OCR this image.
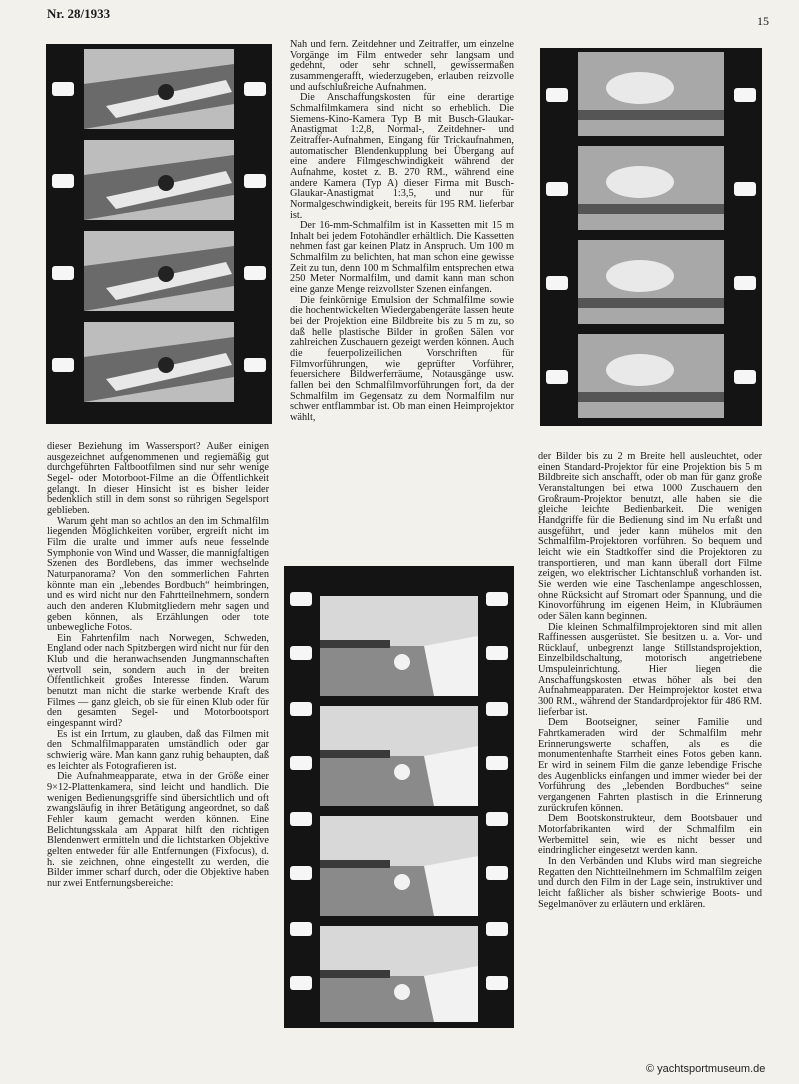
Nr. 28/1933	15

dieser Beziehung im Wassersport? Außer einigen ausgezeichnet aufgenommenen und regiemäßig gut durchgeführten Faltbootfilmen sind nur sehr wenige Segel- oder Motorboot-Filme an die Öffentlichkeit gelangt. In dieser Hinsicht ist es bisher leider bedenklich still in dem sonst so rührigen Segelsport geblieben.

Warum geht man so achtlos an den im Schmalfilm liegenden Möglichkeiten vorüber, ergreift nicht im Film die uralte und immer aufs neue fesselnde Symphonie von Wind und Wasser, die mannigfaltigen Szenen des Bordlebens, das immer wechselnde Naturpanorama? Von den sommerlichen Fahrten könnte man ein „lebendes Bordbuch“ heimbringen, und es wird nicht nur den Fahrtteilnehmern, sondern auch den anderen Klubmitgliedern mehr sagen und geben können, als Erzählungen oder tote unbewegliche Fotos.

Ein Fahrtenfilm nach Norwegen, Schweden, England oder nach Spitzbergen wird nicht nur für den Klub und die heranwachsenden Jungmannschaften wertvoll sein, sondern auch in der breiten Öffentlichkeit großes Interesse finden. Warum benutzt man nicht die starke werbende Kraft des Filmes — ganz gleich, ob sie für einen Klub oder für den gesamten Segel- und Motorbootsport eingespannt wird?

Es ist ein Irrtum, zu glauben, daß das Filmen mit den Schmalfilmapparaten umständlich oder gar schwierig wäre. Man kann ganz ruhig behaupten, daß es leichter als Fotografieren ist.

Die Aufnahmeapparate, etwa in der Größe einer 9×12-Plattenkamera, sind leicht und handlich. Die wenigen Bedienungsgriffe sind übersichtlich und oft zwangsläufig in ihrer Betätigung angeordnet, so daß Fehler kaum gemacht werden können. Eine Belichtungsskala am Apparat hilft den richtigen Blendenwert ermitteln und die lichtstarken Objektive gelten entweder für alle Entfernungen (Fixfocus), d. h. sie zeichnen, ohne eingestellt zu werden, die Bilder immer scharf durch, oder die Objektive haben nur zwei Entfernungsbereiche:

Nah und fern. Zeitdehner und Zeitraffer, um einzelne Vorgänge im Film entweder sehr langsam und gedehnt, oder sehr schnell, gewissermaßen zusammengerafft, wiederzugeben, erlauben reizvolle und aufschlußreiche Aufnahmen.

Die Anschaffungskosten für eine derartige Schmalfilmkamera sind nicht so erheblich. Die Siemens-Kino-Kamera Typ B mit Busch-Glaukar-Anastigmat 1:2,8, Normal-, Zeitdehner- und Zeitraffer-Aufnahmen, Eingang für Trickaufnahmen, automatischer Blendenkupplung bei Übergang auf eine andere Filmgeschwindigkeit während der Aufnahme, kostet z. B. 270 RM., während eine andere Kamera (Typ A) dieser Firma mit Busch-Glaukar-Anastigmat 1:3,5, und nur für Normalgeschwindigkeit, bereits für 195 RM. lieferbar ist.

Der 16-mm-Schmalfilm ist in Kassetten mit 15 m Inhalt bei jedem Fotohändler erhältlich. Die Kassetten nehmen fast gar keinen Platz in Anspruch. Um 100 m Schmalfilm zu belichten, hat man schon eine gewisse Zeit zu tun, denn 100 m Schmalfilm entsprechen etwa 250 Meter Normalfilm, und damit kann man schon eine ganze Menge reizvollster Szenen einfangen.

Die feinkörnige Emulsion der Schmalfilme sowie die hochentwickelten Wiedergabengeräte lassen heute bei der Projektion eine Bildbreite bis zu 5 m zu, so daß helle plastische Bilder in großen Sälen vor zahlreichen Zuschauern gezeigt werden können. Auch die feuerpolizeilichen Vorschriften für Filmvorführungen, wie geprüfter Vorführer, feuersichere Bildwerferräume, Notausgänge usw. fallen bei den Schmalfilmvorführungen fort, da der Schmalfilm im Gegensatz zu dem Normalfilm nur schwer entflammbar ist. Ob man einen Heimprojektor wählt,

der Bilder bis zu 2 m Breite hell ausleuchtet, oder einen Standard-Projektor für eine Projektion bis 5 m Bildbreite sich anschafft, oder ob man für ganz große Veranstaltungen bei etwa 1000 Zuschauern den Großraum-Projektor benutzt, alle haben sie die gleiche leichte Bedienbarkeit. Die wenigen Handgriffe für die Bedienung sind im Nu erfaßt und ausgeführt, und jeder kann mühelos mit den Schmalfilm-Projektoren vorführen. So bequem und leicht wie ein Stadtkoffer sind die Projektoren zu transportieren, und man kann überall dort Filme zeigen, wo elektrischer Lichtanschluß vorhanden ist. Sie werden wie eine Taschenlampe angeschlossen, ohne Rücksicht auf Stromart oder Spannung, und die Kinovorführung im eigenen Heim, in Klubräumen oder Sälen kann beginnen.

Die kleinen Schmalfilmprojektoren sind mit allen Raffinessen ausgerüstet. Sie besitzen u. a. Vor- und Rücklauf, unbegrenzt lange Stillstandsprojektion, Einzelbildschaltung, motorisch angetriebene Umspuleinrichtung. Hier liegen die Anschaffungskosten etwas höher als bei den Aufnahmeapparaten. Der Heimprojektor kostet etwa 300 RM., während der Standardprojektor für 486 RM. lieferbar ist.

Dem Bootseigner, seiner Familie und Fahrtkameraden wird der Schmalfilm mehr Erinnerungswerte schaffen, als es die monumentenhafte Starrheit eines Fotos geben kann. Er wird in seinem Film die ganze lebendige Frische des Augenblicks einfangen und immer wieder bei der Vorführung des „lebenden Bordbuches“ seine vergangenen Fahrten plastisch in die Erinnerung zurückrufen können.

Dem Bootskonstrukteur, dem Bootsbauer und Motorfabrikanten wird der Schmalfilm ein Werbemittel sein, wie es nicht besser und eindringlicher eingesetzt werden kann.

In den Verbänden und Klubs wird man siegreiche Regatten den Nichtteilnehmern im Schmalfilm zeigen und durch den Film in der Lage sein, instruktiver und leicht faßlicher als bisher schwierige Boots- und Segelmanöver zu erläutern und erklären.

© yachtsportmuseum.de
